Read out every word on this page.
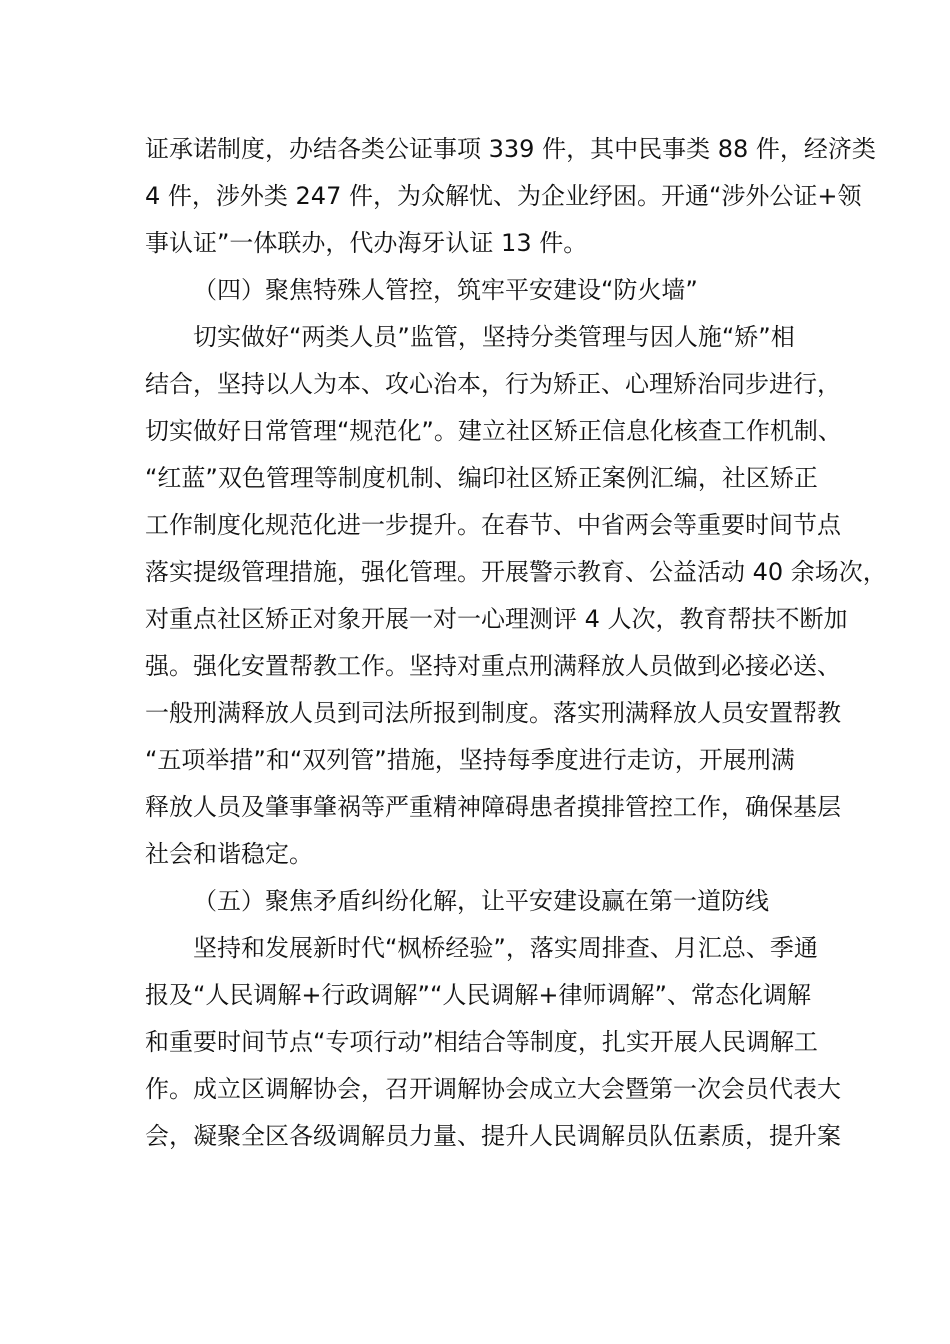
证承诺制度，办结各类公证事项 339 件，其中民事类 88 件，经济类
4 件，涉外类 247 件，为众解忧、为企业纾困。开通“涉外公证+领
事认证”一体联办，代办海牙认证 13 件。
（四）聚焦特殊人管控，筑牢平安建设“防火墙”
切实做好“两类人员”监管，坚持分类管理与因人施“矫”相
结合，坚持以人为本、攻心治本，行为矫正、心理矫治同步进行，
切实做好日常管理“规范化”。建立社区矫正信息化核查工作机制、
“红蓝”双色管理等制度机制、编印社区矫正案例汇编，社区矫正
工作制度化规范化进一步提升。在春节、中省两会等重要时间节点
落实提级管理措施，强化管理。开展警示教育、公益活动 40 余场次，
对重点社区矫正对象开展一对一心理测评 4 人次，教育帮扶不断加
强。强化安置帮教工作。坚持对重点刑满释放人员做到必接必送、
一般刑满释放人员到司法所报到制度。落实刑满释放人员安置帮教
“五项举措”和“双列管”措施，坚持每季度进行走访，开展刑满
释放人员及肇事肇祸等严重精神障碍患者摸排管控工作，确保基层
社会和谐稳定。
（五）聚焦矛盾纠纷化解，让平安建设赢在第一道防线
坚持和发展新时代“枫桥经验”，落实周排查、月汇总、季通
报及“人民调解+行政调解”“人民调解+律师调解”、常态化调解
和重要时间节点“专项行动”相结合等制度，扎实开展人民调解工
作。成立区调解协会，召开调解协会成立大会暨第一次会员代表大
会，凝聚全区各级调解员力量、提升人民调解员队伍素质，提升案
